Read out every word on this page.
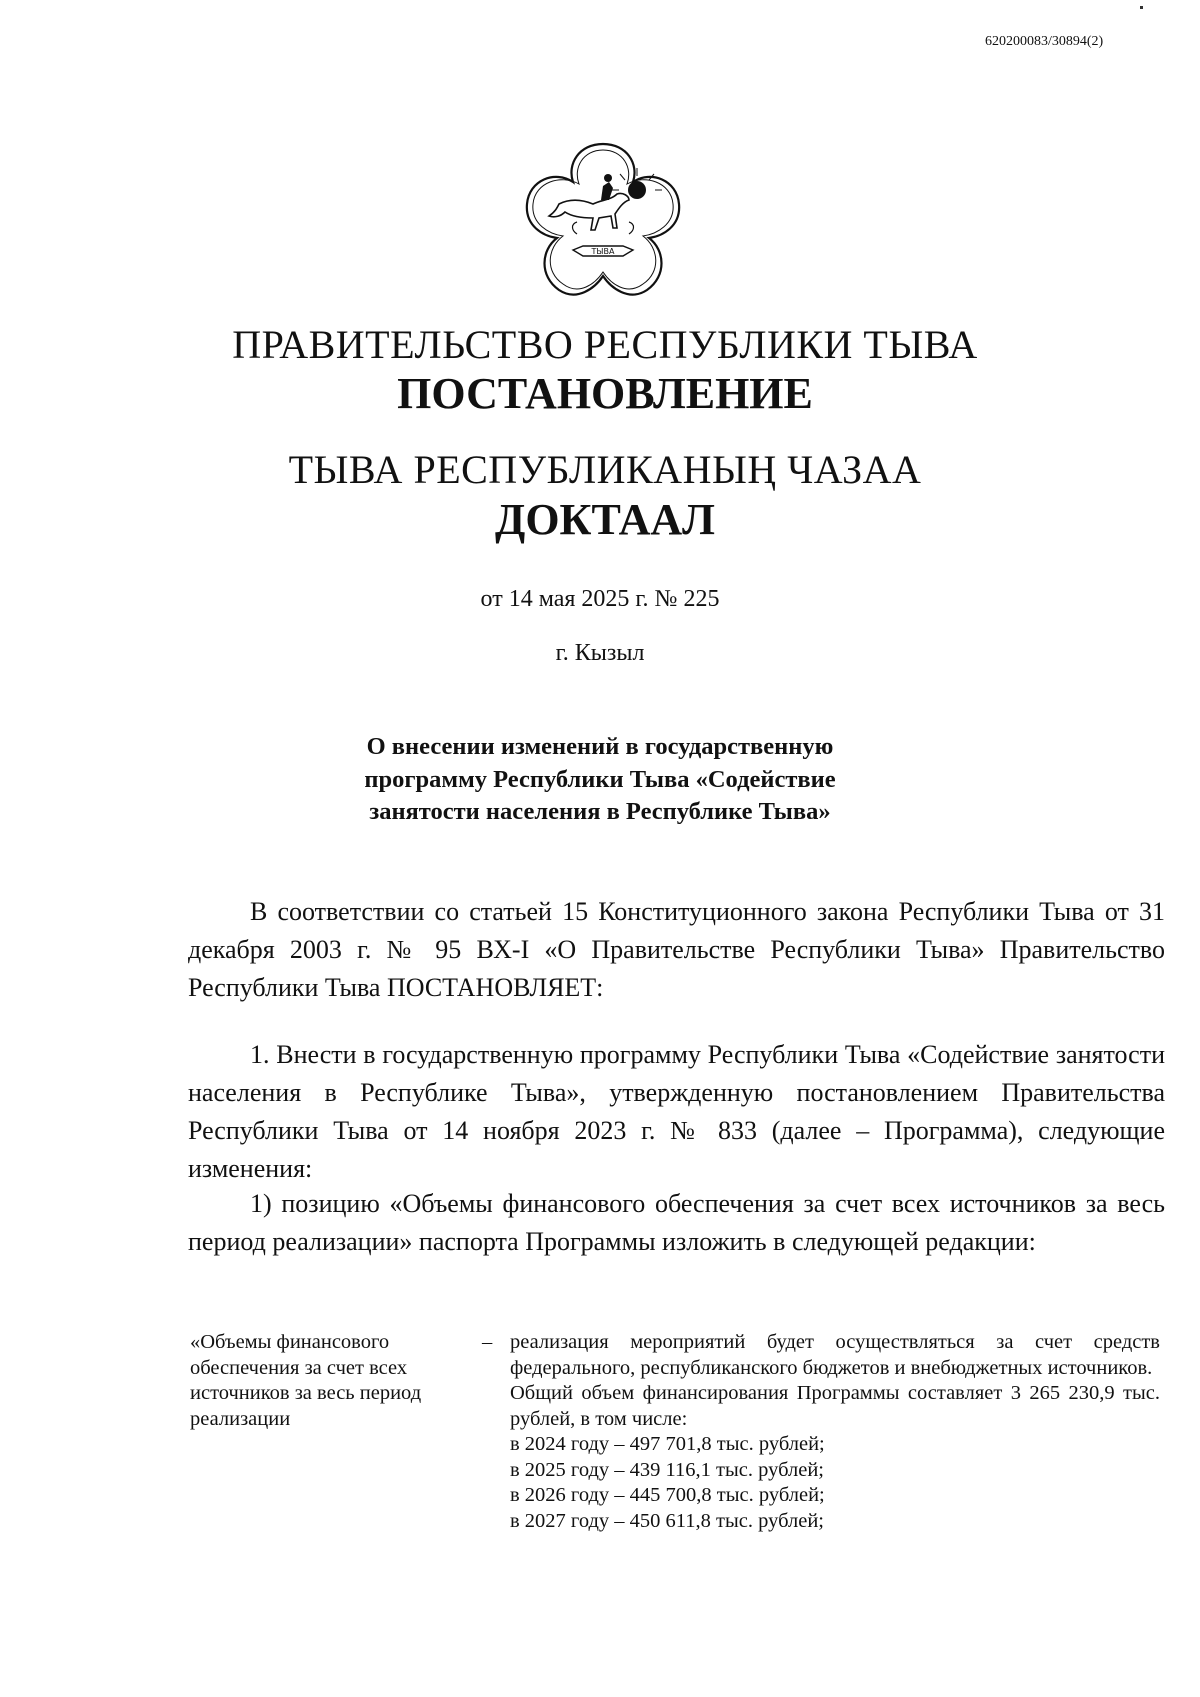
620200083/30894(2)
ТЫВА
ПРАВИТЕЛЬСТВО РЕСПУБЛИКИ ТЫВА
ПОСТАНОВЛЕНИЕ
ТЫВА РЕСПУБЛИКАНЫҢ ЧАЗАА
ДОКТААЛ
от 14 мая 2025 г. № 225
г. Кызыл
О внесении изменений в государственную
программу Республики Тыва «Содействие
занятости населения в Республике Тыва»

В соответствии со статьей 15 Конституционного закона Республики Тыва от 31 декабря 2003 г. № 95 ВХ-I «О Правительстве Республики Тыва» Правительство Республики Тыва ПОСТАНОВЛЯЕТ:

1. Внести в государственную программу Республики Тыва «Содействие занятости населения в Республике Тыва», утвержденную постановлением Правительства Республики Тыва от 14 ноября 2023 г. № 833 (далее – Программа), следующие изменения:

1) позицию «Объемы финансового обеспечения за счет всех источников за весь период реализации» паспорта Программы изложить в следующей редакции:

«Объемы финансового
обеспечения за счет всех
источников за весь период
реализации
– реализация мероприятий будет осуществляться за счет средств федерального, республиканского бюджетов и внебюджетных источников.
Общий объем финансирования Программы составляет 3 265 230,9 тыс. рублей, в том числе:
в 2024 году – 497 701,8 тыс. рублей;
в 2025 году – 439 116,1 тыс. рублей;
в 2026 году – 445 700,8 тыс. рублей;
в 2027 году – 450 611,8 тыс. рублей;
